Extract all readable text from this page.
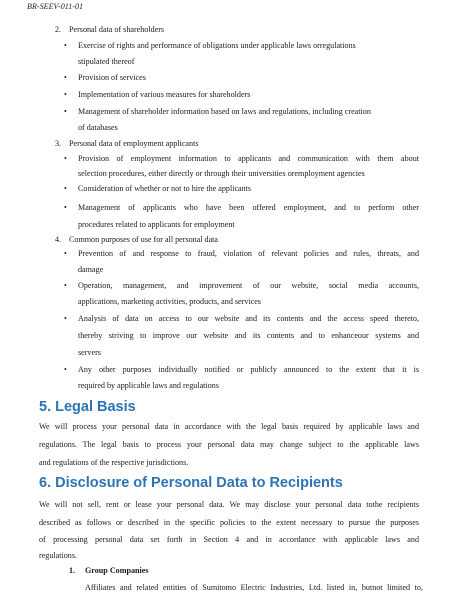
BR-SEEV-011-01
2. Personal data of shareholders
• Exercise of rights and performance of obligations under applicable laws orregulations
stipulated thereof
• Provision of services
• Implementation of various measures for shareholders
• Management of shareholder information based on laws and regulations, including creation
of databases
3. Personal data of employment applicants
• Provision of employment information to applicants and communication with them about
selection procedures, either directly or through their universities oremployment agencies
• Consideration of whether or not to hire the applicants
• Management of applicants who have been offered employment, and to perform other
procedures related to applicants for employment
4. Common purposes of use for all personal data
• Prevention of and response to fraud, violation of relevant policies and rules, threats, and
damage
• Operation, management, and improvement of our website, social media accounts,
applications, marketing activities, products, and services
• Analysis of data on access to our website and its contents and the access speed thereto,
thereby striving to improve our website and its contents and to enhanceour systems and
servers
• Any other purposes individually notified or publicly announced to the extent that it is
required by applicable laws and regulations
5. Legal Basis
We will process your personal data in accordance with the legal basis required by applicable laws and
regulations. The legal basis to process your personal data may change subject to the applicable laws
and regulations of the respective jurisdictions.
6. Disclosure of Personal Data to Recipients
We will not sell, rent or lease your personal data. We may disclose your personal data tothe recipients
described as follows or described in the specific policies to the extent necessary to pursue the purposes
of processing personal data set forth in Section 4 and in accordance with applicable laws and
regulations.
1. Group Companies
Affiliates and related entities of Sumitomo Electric Industries, Ltd. listed in, butnot limited to,
